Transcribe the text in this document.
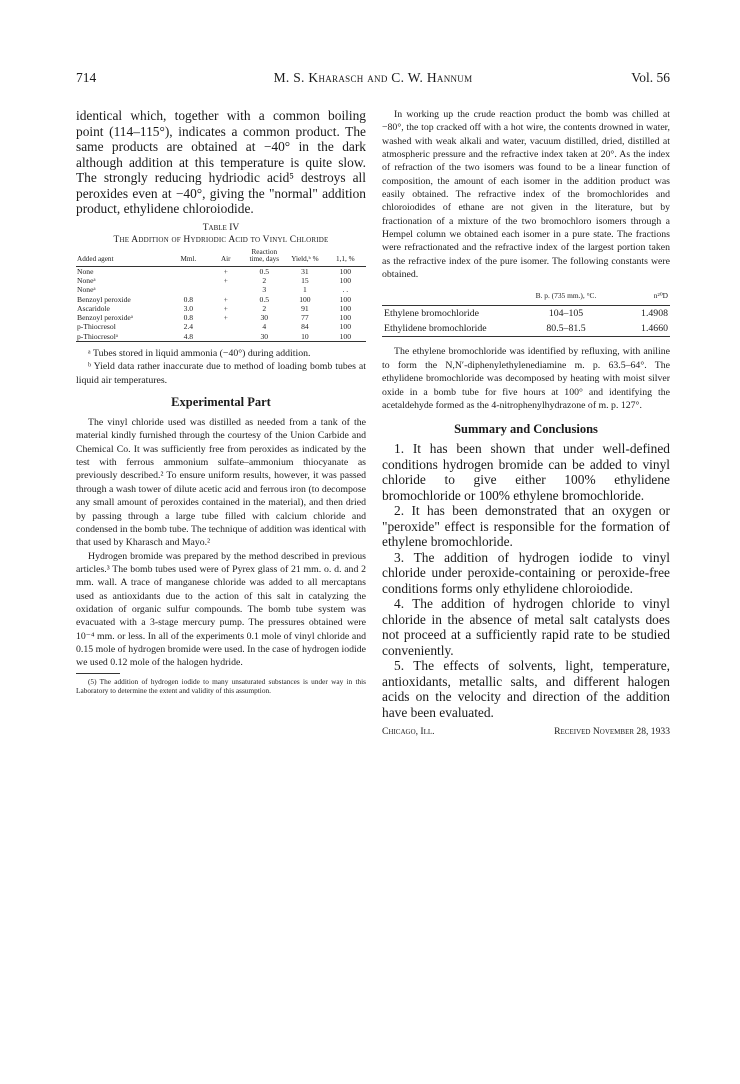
714	M. S. Kharasch and C. W. Hannum	Vol. 56

identical which, together with a common boiling point (114–115°), indicates a common product. The same products are obtained at −40° in the dark although addition at this temperature is quite slow. The strongly reducing hydriodic acid⁵ destroys all peroxides even at −40°, giving the "normal" addition product, ethylidene chloroiodide.

Table IV
The Addition of Hydriodic Acid to Vinyl Chloride
Added agent	Mml.	Air	Reaction time, days	Yield,ᵇ %	1,1, %
None		+	0.5	31	100
Noneᵃ		+	2	15	100
Noneᵃ			3	1	. .
Benzoyl peroxide	0.8	+	0.5	100	100
Ascaridole	3.0	+	2	91	100
Benzoyl peroxideᵃ	0.8	+	30	77	100
p-Thiocresol	2.4		4	84	100
p-Thiocresolᵃ	4.8		30	10	100

ᵃ Tubes stored in liquid ammonia (−40°) during addition.

ᵇ Yield data rather inaccurate due to method of loading bomb tubes at liquid air temperatures.

Experimental Part

The vinyl chloride used was distilled as needed from a tank of the material kindly furnished through the courtesy of the Union Carbide and Chemical Co. It was sufficiently free from peroxides as indicated by the test with ferrous ammonium sulfate–ammonium thiocyanate as previously described.² To ensure uniform results, however, it was passed through a wash tower of dilute acetic acid and ferrous iron (to decompose any small amount of peroxides contained in the material), and then dried by passing through a large tube filled with calcium chloride and condensed in the bomb tube. The technique of addition was identical with that used by Kharasch and Mayo.²

Hydrogen bromide was prepared by the method described in previous articles.³ The bomb tubes used were of Pyrex glass of 21 mm. o. d. and 2 mm. wall. A trace of manganese chloride was added to all mercaptans used as antioxidants due to the action of this salt in catalyzing the oxidation of organic sulfur compounds. The bomb tube system was evacuated with a 3-stage mercury pump. The pressures obtained were 10⁻⁴ mm. or less. In all of the experiments 0.1 mole of vinyl chloride and 0.15 mole of hydrogen bromide were used. In the case of hydrogen iodide we used 0.12 mole of the halogen hydride.

(5) The addition of hydrogen iodide to many unsaturated substances is under way in this Laboratory to determine the extent and validity of this assumption.

In working up the crude reaction product the bomb was chilled at −80°, the top cracked off with a hot wire, the contents drowned in water, washed with weak alkali and water, vacuum distilled, dried, distilled at atmospheric pressure and the refractive index taken at 20°. As the index of refraction of the two isomers was found to be a linear function of composition, the amount of each isomer in the addition product was easily obtained. The refractive index of the bromochlorides and chloroiodides of ethane are not given in the literature, but by fractionation of a mixture of the two bromochloro isomers through a Hempel column we obtained each isomer in a pure state. The fractions were refractionated and the refractive index of the largest portion taken as the refractive index of the pure isomer. The following constants were obtained.

	B. p. (735 mm.), °C.	n²⁰D
Ethylene bromochloride	104–105	1.4908
Ethylidene bromochloride	80.5–81.5	1.4660

The ethylene bromochloride was identified by refluxing, with aniline to form the N,N′-diphenylethylenediamine m. p. 63.5–64°. The ethylidene bromochloride was decomposed by heating with moist silver oxide in a bomb tube for five hours at 100° and identifying the acetaldehyde formed as the 4-nitrophenylhydrazone of m. p. 127°.

Summary and Conclusions

1. It has been shown that under well-defined conditions hydrogen bromide can be added to vinyl chloride to give either 100% ethylidene bromochloride or 100% ethylene bromochloride.

2. It has been demonstrated that an oxygen or "peroxide" effect is responsible for the formation of ethylene bromochloride.

3. The addition of hydrogen iodide to vinyl chloride under peroxide-containing or peroxide-free conditions forms only ethylidene chloroiodide.

4. The addition of hydrogen chloride to vinyl chloride in the absence of metal salt catalysts does not proceed at a sufficiently rapid rate to be studied conveniently.

5. The effects of solvents, light, temperature, antioxidants, metallic salts, and different halogen acids on the velocity and direction of the addition have been evaluated.

Chicago, Ill.	Received November 28, 1933
